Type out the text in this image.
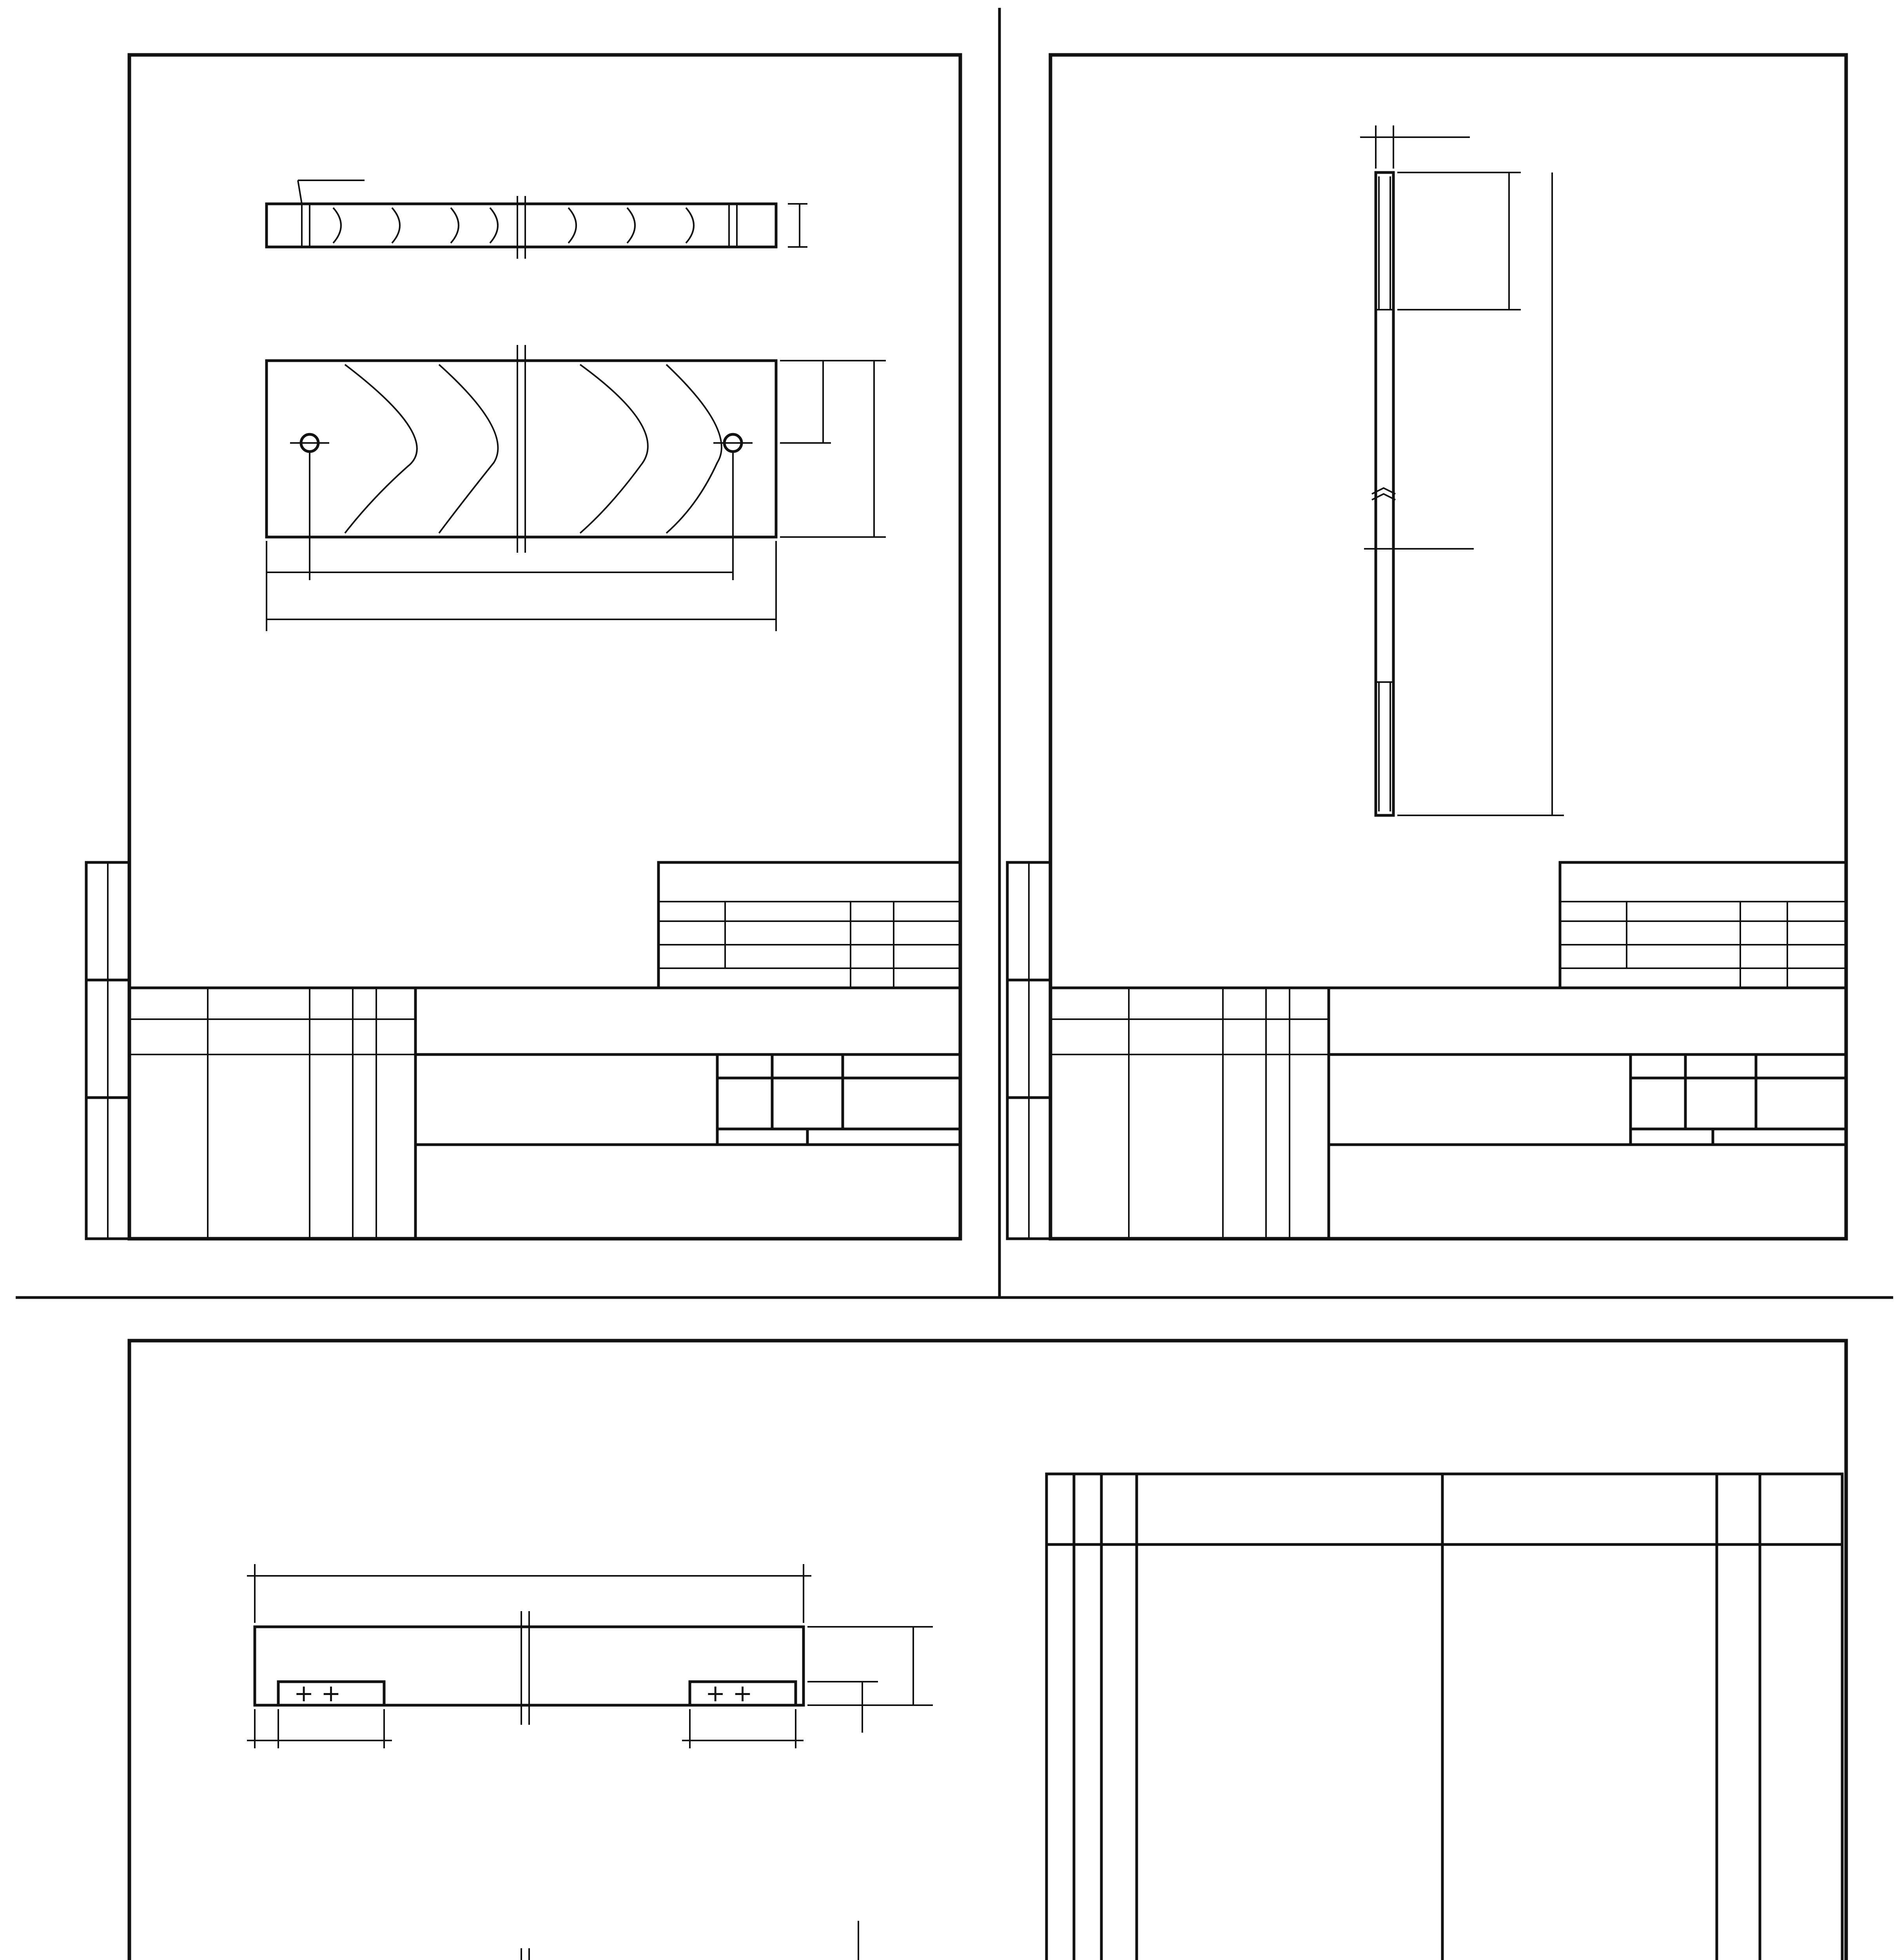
+ +	+ +
